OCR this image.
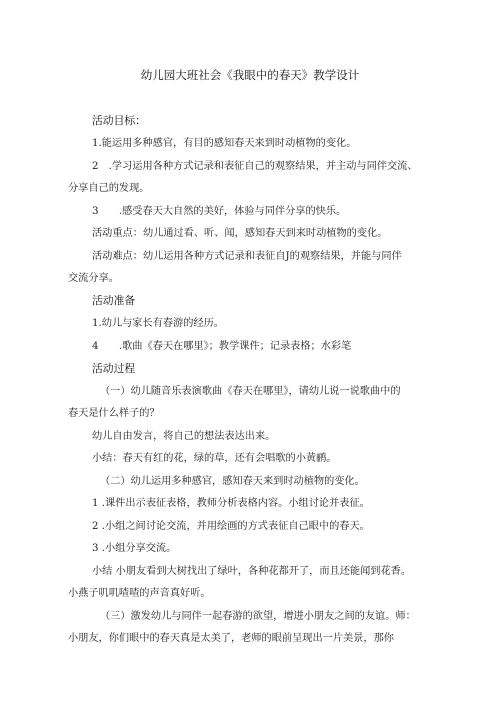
幼儿园大班社会《我眼中的春天》教学设计
活动目标：
1.能运用多种感官，有目的感知春天来到时动植物的变化。
2　.学习运用各种方式记录和表征自己的观察结果，并主动与同伴交流、
分享自己的发现。
3　　.感受春天大自然的美好，体验与同伴分享的快乐。
活动重点：幼儿通过看、听、闻，感知春天到来时动植物的变化。
活动难点：幼儿运用各种方式记录和表征自J的观察结果，并能与同伴
交流分享。
活动准备
1.幼儿与家长有春游的经历。
4　　.歌曲《春天在哪里》；教学课件；记录表格；水彩笔
活动过程
（一）幼儿随音乐表演歌曲《春天在哪里》，请幼儿说一说歌曲中的
春天是什么样子的？
幼儿自由发言，将自己的想法表达出来。
小结：春天有红的花，绿的草，还有会唱歌的小黄鹂。
（二）幼儿运用多种感官，感知春天来到时动植物的变化。
1 .课件出示表征表格，教师分析表格内容。小组讨论并表征。
2 .小组之间讨论交流，并用绘画的方式表征自己眼中的春天。
3 .小组分享交流。
小结 小朋友看到大树找出了绿叶，各种花都开了，而且还能闻到花香。
小燕子叽叽喳喳的声音真好听。
（三）激发幼儿与同伴一起春游的欲望，增进小朋友之间的友谊。师：
小朋友，你们眼中的春天真是太美了，老师的眼前呈现出一片美景，那你
